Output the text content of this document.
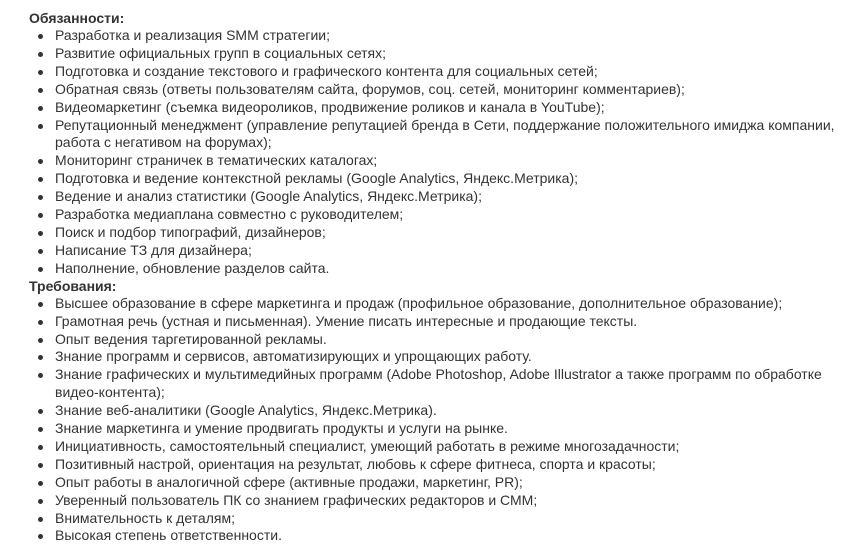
Обязанности:
Разработка и реализация SMM стратегии;
Развитие официальных групп в социальных сетях;
Подготовка и создание текстового и графического контента для социальных сетей;
Обратная связь (ответы пользователям сайта, форумов, соц. сетей, мониторинг комментариев);
Видеомаркетинг (съемка видеороликов, продвижение роликов и канала в YouTube);
Репутационный менеджмент (управление репутацией бренда в Сети, поддержание положительного имиджа компании, работа с негативом на форумах);
Мониторинг страничек в тематических каталогах;
Подготовка и ведение контекстной рекламы (Google Analytics, Яндекс.Метрика);
Ведение и анализ статистики (Google Analytics, Яндекс.Метрика);
Разработка медиаплана совместно с руководителем;
Поиск и подбор типографий, дизайнеров;
Написание ТЗ для дизайнера;
Наполнение, обновление разделов сайта.
Требования:
Высшее образование в сфере маркетинга и продаж (профильное образование, дополнительное образование);
Грамотная речь (устная и письменная). Умение писать интересные и продающие тексты.
Опыт ведения таргетированной рекламы.
Знание программ и сервисов, автоматизирующих и упрощающих работу.
Знание графических и мультимедийных программ (Adobe Photoshop, Adobe Illustrator а также программ по обработке видео-контента);
Знание веб-аналитики (Google Analytics, Яндекс.Метрика).
Знание маркетинга и умение продвигать продукты и услуги на рынке.
Инициативность, самостоятельный специалист, умеющий работать в режиме многозадачности;
Позитивный настрой, ориентация на результат, любовь к сфере фитнеса, спорта и красоты;
Опыт работы в аналогичной сфере (активные продажи, маркетинг, PR);
Уверенный пользователь ПК со знанием графических редакторов и СММ;
Внимательность к деталям;
Высокая степень ответственности.
